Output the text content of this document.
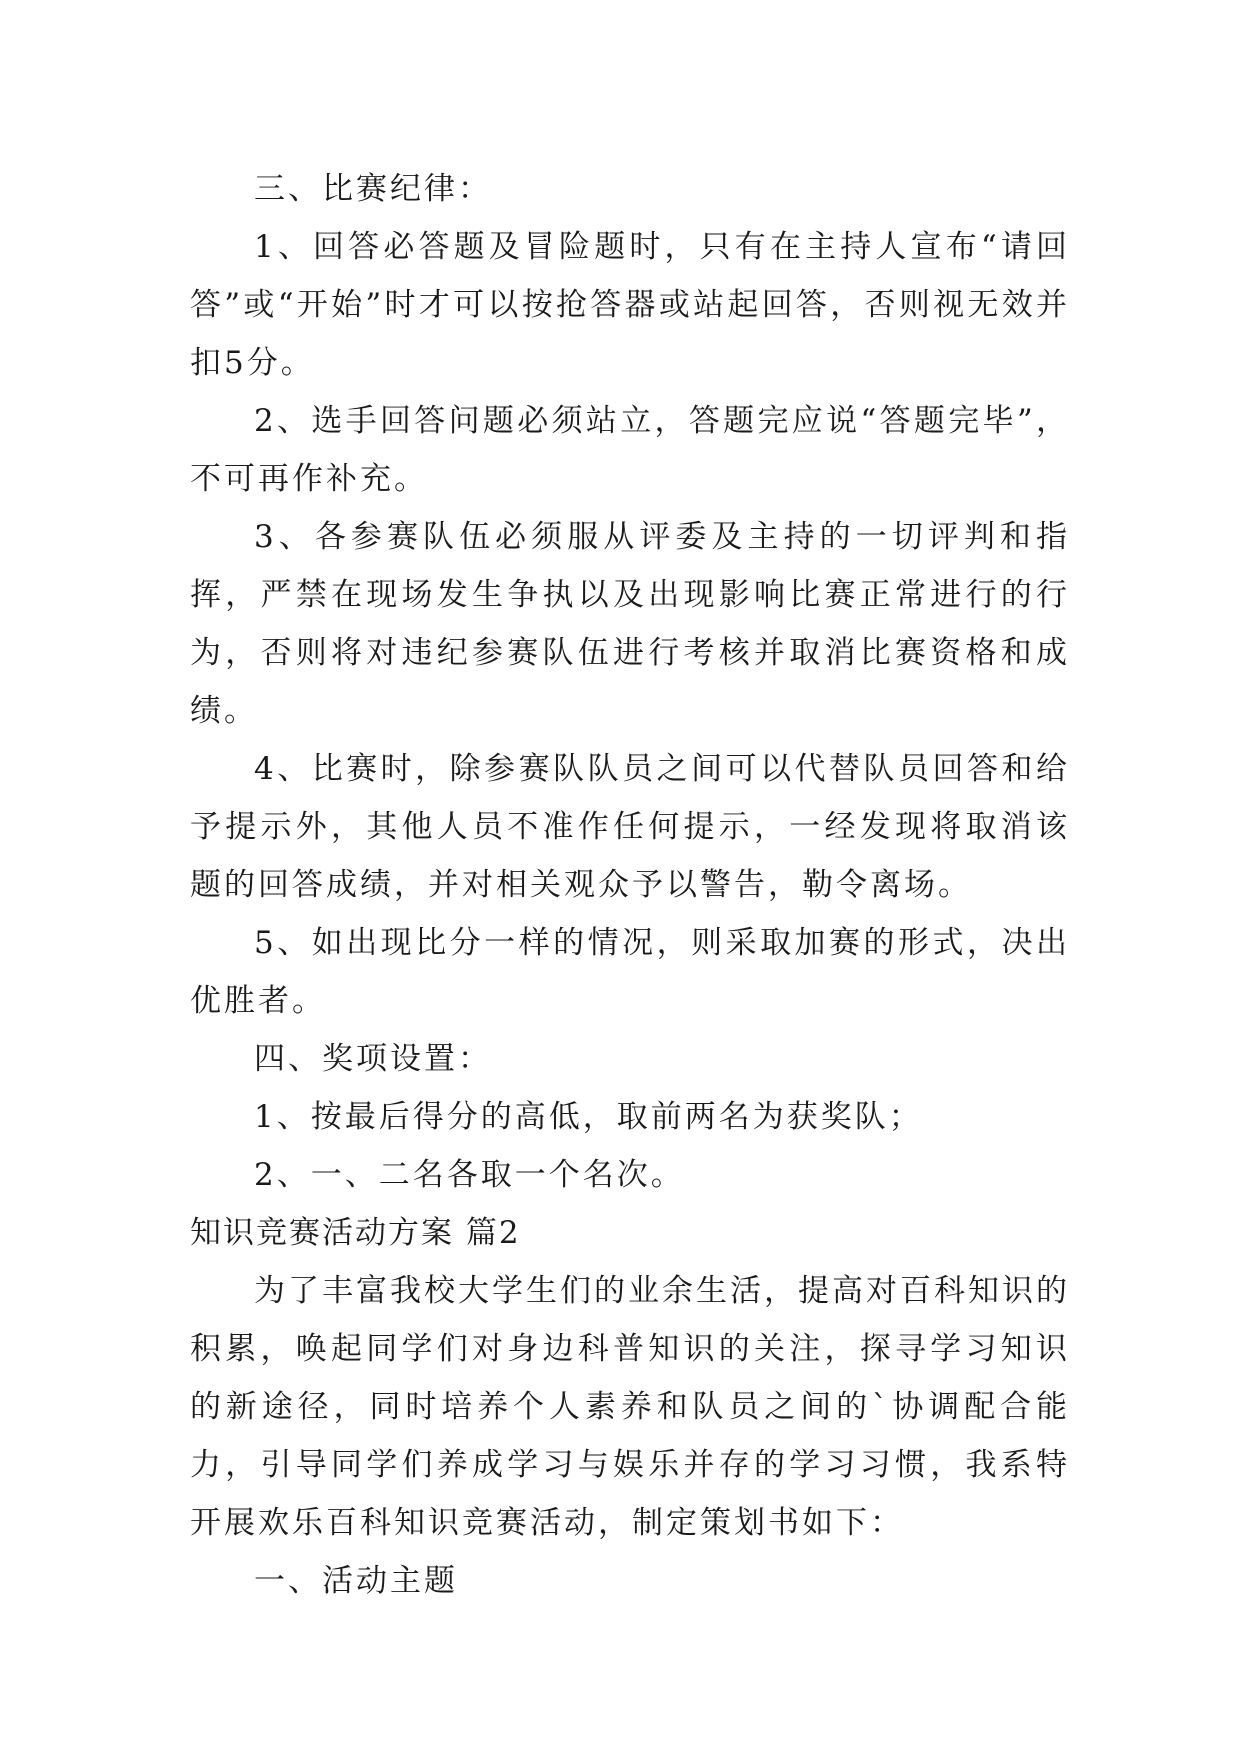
三、比赛纪律：

1、回答必答题及冒险题时，只有在主持人宣布“请回答”或“开始”时才可以按抢答器或站起回答，否则视无效并扣5分。

2、选手回答问题必须站立，答题完应说“答题完毕”，不可再作补充。

3、各参赛队伍必须服从评委及主持的一切评判和指挥，严禁在现场发生争执以及出现影响比赛正常进行的行为，否则将对违纪参赛队伍进行考核并取消比赛资格和成绩。

4、比赛时，除参赛队队员之间可以代替队员回答和给予提示外，其他人员不准作任何提示，一经发现将取消该题的回答成绩，并对相关观众予以警告，勒令离场。

5、如出现比分一样的情况，则采取加赛的形式，决出优胜者。

四、奖项设置：

1、按最后得分的高低，取前两名为获奖队；

2、一、二名各取一个名次。

知识竞赛活动方案 篇2

为了丰富我校大学生们的业余生活，提高对百科知识的积累，唤起同学们对身边科普知识的关注，探寻学习知识的新途径，同时培养个人素养和队员之间的`协调配合能力，引导同学们养成学习与娱乐并存的学习习惯，我系特开展欢乐百科知识竞赛活动，制定策划书如下：

一、活动主题
